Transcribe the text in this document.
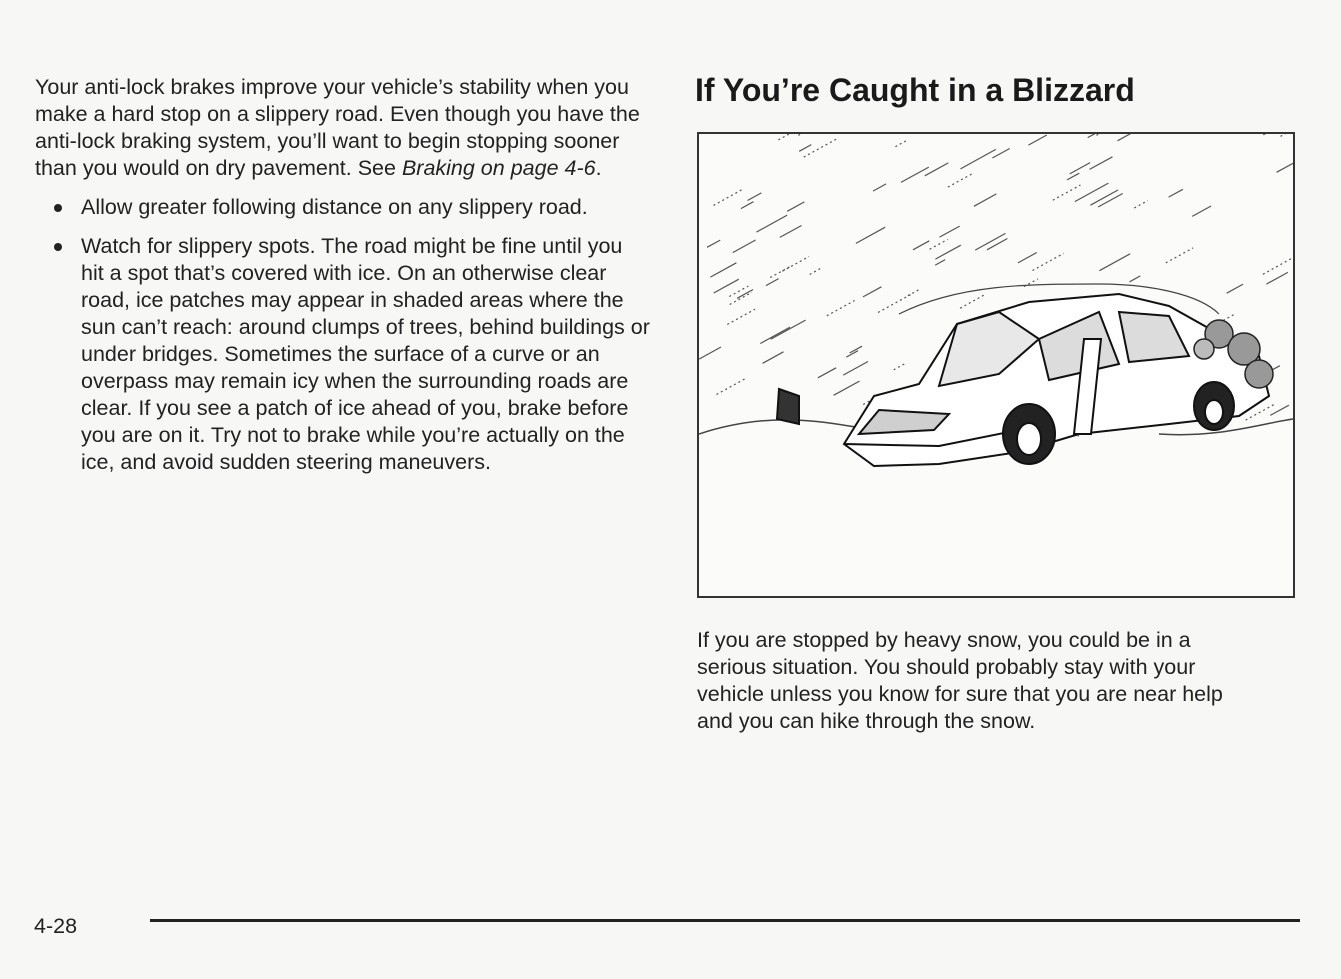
Your anti-lock brakes improve your vehicle’s stability when you make a hard stop on a slippery road. Even though you have the anti-lock braking system, you’ll want to begin stopping sooner than you would on dry pavement. See Braking on page 4-6.

Allow greater following distance on any slippery road.
Watch for slippery spots. The road might be fine until you hit a spot that’s covered with ice. On an otherwise clear road, ice patches may appear in shaded areas where the sun can’t reach: around clumps of trees, behind buildings or under bridges. Sometimes the surface of a curve or an overpass may remain icy when the surrounding roads are clear. If you see a patch of ice ahead of you, brake before you are on it. Try not to brake while you’re actually on the ice, and avoid sudden steering maneuvers.
If You’re Caught in a Blizzard

If you are stopped by heavy snow, you could be in a serious situation. You should probably stay with your vehicle unless you know for sure that you are near help and you can hike through the snow.

4-28
